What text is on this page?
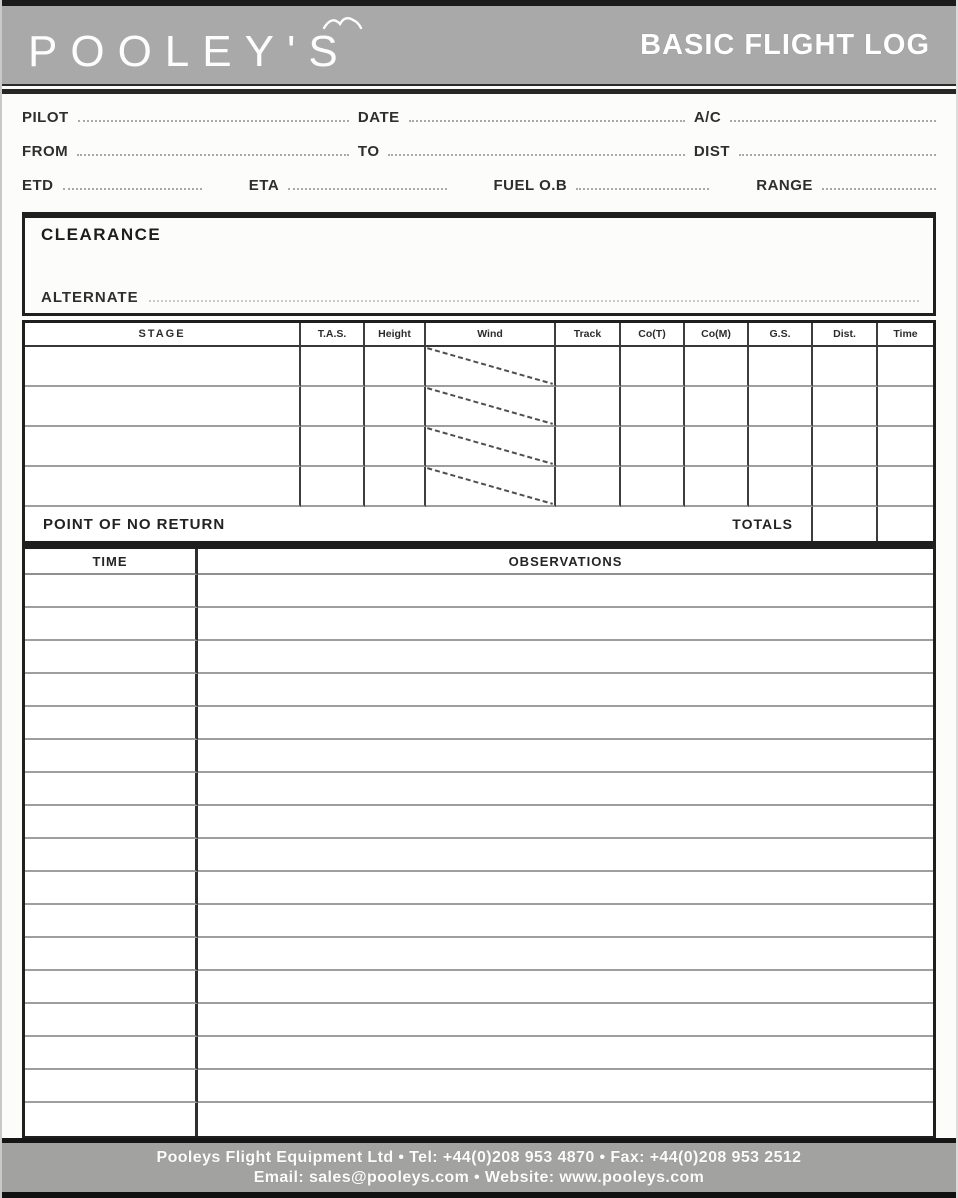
POOLEY'S	BASIC FLIGHT LOG
PILOT	DATE	A/C
FROM	TO	DIST
ETD	ETA	FUEL O.B	RANGE
CLEARANCE
ALTERNATE
STAGE	T.A.S.	Height	Wind	Track	Co(T)	Co(M)	G.S.	Dist.	Time
POINT OF NO RETURN	TOTALS
TIME	OBSERVATIONS
Pooleys Flight Equipment Ltd • Tel: +44(0)208 953 4870 • Fax: +44(0)208 953 2512
Email: sales@pooleys.com • Website: www.pooleys.com
